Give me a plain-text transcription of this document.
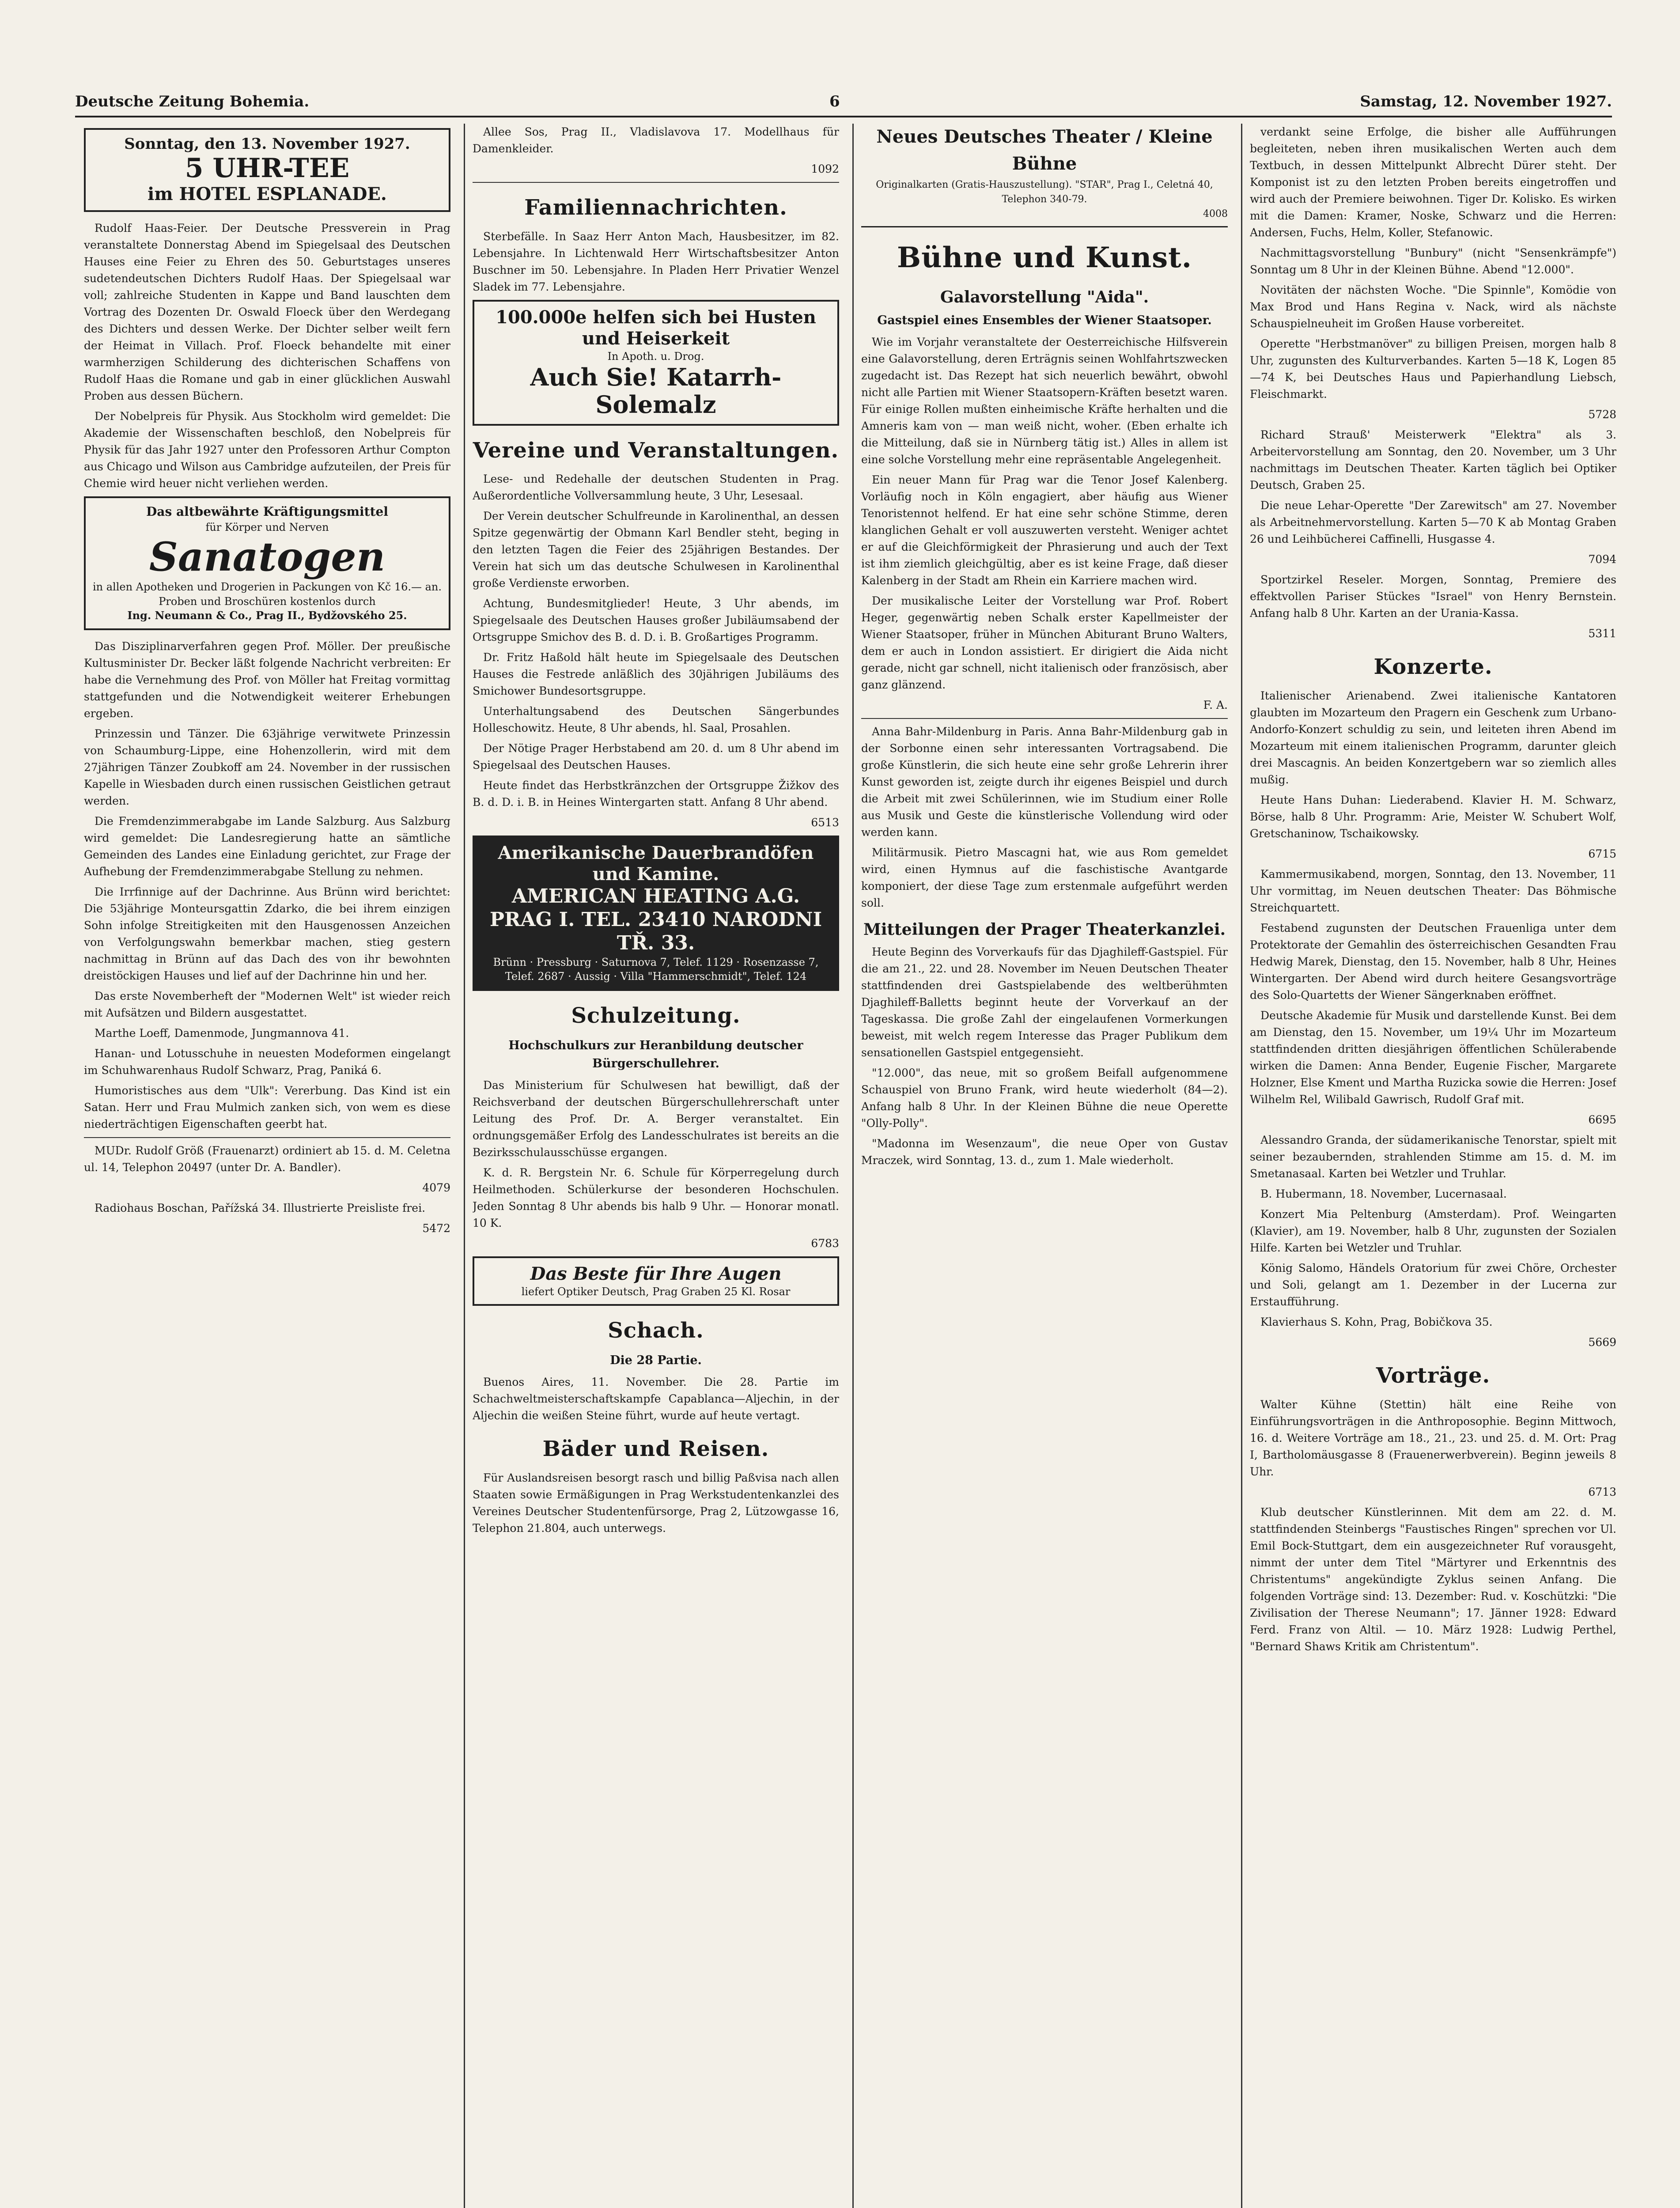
Deutsche Zeitung Bohemia.	6	Samstag, 12. November 1927.
Sonntag, den 13. November 1927.
5 UHR-TEE
im HOTEL ESPLANADE.

Rudolf Haas-Feier. Der Deutsche Pressverein in Prag veranstaltete Donnerstag Abend im Spiegelsaal des Deutschen Hauses eine Feier zu Ehren des 50. Geburtstages unseres sudetendeutschen Dichters Rudolf Haas. Der Spiegelsaal war voll; zahlreiche Studenten in Kappe und Band lauschten dem Vortrag des Dozenten Dr. Oswald Floeck über den Werdegang des Dichters und dessen Werke. Der Dichter selber weilt fern der Heimat in Villach. Prof. Floeck behandelte mit einer warmherzigen Schilderung des dichterischen Schaffens von Rudolf Haas die Romane und gab in einer glücklichen Auswahl Proben aus dessen Büchern.

Der Nobelpreis für Physik. Aus Stockholm wird gemeldet: Die Akademie der Wissenschaften beschloß, den Nobelpreis für Physik für das Jahr 1927 unter den Professoren Arthur Compton aus Chicago und Wilson aus Cambridge aufzuteilen, der Preis für Chemie wird heuer nicht verliehen werden.

Das altbewährte Kräftigungsmittel
für Körper und Nerven
Sanatogen
in allen Apotheken und Drogerien in Packungen von Kč 16.— an. Proben und Broschüren kostenlos durch
Ing. Neumann & Co., Prag II., Bydžovského 25.

Das Disziplinarverfahren gegen Prof. Möller. Der preußische Kultusminister Dr. Becker läßt folgende Nachricht verbreiten: Er habe die Vernehmung des Prof. von Möller hat Freitag vormittag stattgefunden und die Notwendigkeit weiterer Erhebungen ergeben.

Prinzessin und Tänzer. Die 63jährige verwitwete Prinzessin von Schaumburg-Lippe, eine Hohenzollerin, wird mit dem 27jährigen Tänzer Zoubkoff am 24. November in der russischen Kapelle in Wiesbaden durch einen russischen Geistlichen getraut werden.

Die Fremdenzimmerabgabe im Lande Salzburg. Aus Salzburg wird gemeldet: Die Landesregierung hatte an sämtliche Gemeinden des Landes eine Einladung gerichtet, zur Frage der Aufhebung der Fremdenzimmerabgabe Stellung zu nehmen.

Die Irrfinnige auf der Dachrinne. Aus Brünn wird berichtet: Die 53jährige Monteursgattin Zdarko, die bei ihrem einzigen Sohn infolge Streitigkeiten mit den Hausgenossen Anzeichen von Verfolgungswahn bemerkbar machen, stieg gestern nachmittag in Brünn auf das Dach des von ihr bewohnten dreistöckigen Hauses und lief auf der Dachrinne hin und her.

Das erste Novemberheft der "Modernen Welt" ist wieder reich mit Aufsätzen und Bildern ausgestattet.

Marthe Loeff, Damenmode, Jungmannova 41.

Hanan- und Lotusschuhe in neuesten Modeformen eingelangt im Schuhwarenhaus Rudolf Schwarz, Prag, Paniká 6.

Humoristisches aus dem "Ulk": Vererbung. Das Kind ist ein Satan. Herr und Frau Mulmich zanken sich, von wem es diese niederträchtigen Eigenschaften geerbt hat.

MUDr. Rudolf Größ (Frauenarzt) ordiniert ab 15. d. M. Celetna ul. 14, Telephon 20497 (unter Dr. A. Bandler).

4079

Radiohaus Boschan, Pařížská 34. Illustrierte Preisliste frei.

5472

Allee Sos, Prag II., Vladislavova 17. Modellhaus für Damenkleider.

1092

Familiennachrichten.

Sterbefälle. In Saaz Herr Anton Mach, Hausbesitzer, im 82. Lebensjahre. In Lichtenwald Herr Wirtschaftsbesitzer Anton Buschner im 50. Lebensjahre. In Pladen Herr Privatier Wenzel Sladek im 77. Lebensjahre.

100.000e helfen sich bei Husten und Heiserkeit
In Apoth. u. Drog.
Auch Sie! Katarrh-Solemalz
Vereine und Veranstaltungen.

Lese- und Redehalle der deutschen Studenten in Prag. Außerordentliche Vollversammlung heute, 3 Uhr, Lesesaal.

Der Verein deutscher Schulfreunde in Karolinenthal, an dessen Spitze gegenwärtig der Obmann Karl Bendler steht, beging in den letzten Tagen die Feier des 25jährigen Bestandes. Der Verein hat sich um das deutsche Schulwesen in Karolinenthal große Verdienste erworben.

Achtung, Bundesmitglieder! Heute, 3 Uhr abends, im Spiegelsaale des Deutschen Hauses großer Jubiläumsabend der Ortsgruppe Smichov des B. d. D. i. B. Großartiges Programm.

Dr. Fritz Haßold hält heute im Spiegelsaale des Deutschen Hauses die Festrede anläßlich des 30jährigen Jubiläums des Smichower Bundesortsgruppe.

Unterhaltungsabend des Deutschen Sängerbundes Holleschowitz. Heute, 8 Uhr abends, hl. Saal, Prosahlen.

Der Nötige Prager Herbstabend am 20. d. um 8 Uhr abend im Spiegelsaal des Deutschen Hauses.

Heute findet das Herbstkränzchen der Ortsgruppe Žižkov des B. d. D. i. B. in Heines Wintergarten statt. Anfang 8 Uhr abend.

6513

Amerikanische Dauerbrandöfen und Kamine.
AMERICAN HEATING A.G. PRAG I. TEL. 23410 NARODNI TŘ. 33.
Brünn · Pressburg · Saturnova 7, Telef. 1129 · Rosenzasse 7, Telef. 2687 · Aussig · Villa "Hammerschmidt", Telef. 124
Schulzeitung.
Hochschulkurs zur Heranbildung deutscher Bürgerschullehrer.

Das Ministerium für Schulwesen hat bewilligt, daß der Reichsverband der deutschen Bürgerschullehrerschaft unter Leitung des Prof. Dr. A. Berger veranstaltet. Ein ordnungsgemäßer Erfolg des Landesschulrates ist bereits an die Bezirksschulausschüsse ergangen.

K. d. R. Bergstein Nr. 6. Schule für Körperregelung durch Heilmethoden. Schülerkurse der besonderen Hochschulen. Jeden Sonntag 8 Uhr abends bis halb 9 Uhr. — Honorar monatl. 10 K.

6783

Das Beste für Ihre Augen
liefert Optiker Deutsch, Prag Graben 25 Kl. Rosar
Schach.
Die 28 Partie.

Buenos Aires, 11. November. Die 28. Partie im Schachweltmeisterschaftskampfe Capablanca—Aljechin, in der Aljechin die weißen Steine führt, wurde auf heute vertagt.

Bäder und Reisen.

Für Auslandsreisen besorgt rasch und billig Paßvisa nach allen Staaten sowie Ermäßigungen in Prag Werkstudentenkanzlei des Vereines Deutscher Studentenfürsorge, Prag 2, Lützowgasse 16, Telephon 21.804, auch unterwegs.

Neues Deutsches Theater / Kleine Bühne
Originalkarten (Gratis-Hauszustellung). "STAR", Prag I., Celetná 40, Telephon 340-79.
4008
Bühne und Kunst.
Galavorstellung "Aida".
Gastspiel eines Ensembles der Wiener Staatsoper.

Wie im Vorjahr veranstaltete der Oesterreichische Hilfsverein eine Galavorstellung, deren Erträgnis seinen Wohlfahrtszwecken zugedacht ist. Das Rezept hat sich neuerlich bewährt, obwohl nicht alle Partien mit Wiener Staatsopern-Kräften besetzt waren. Für einige Rollen mußten einheimische Kräfte herhalten und die Amneris kam von — man weiß nicht, woher. (Eben erhalte ich die Mitteilung, daß sie in Nürnberg tätig ist.) Alles in allem ist eine solche Vorstellung mehr eine repräsentable Angelegenheit.

Ein neuer Mann für Prag war die Tenor Josef Kalenberg. Vorläufig noch in Köln engagiert, aber häufig aus Wiener Tenoristennot helfend. Er hat eine sehr schöne Stimme, deren klanglichen Gehalt er voll auszuwerten versteht. Weniger achtet er auf die Gleichförmigkeit der Phrasierung und auch der Text ist ihm ziemlich gleichgültig, aber es ist keine Frage, daß dieser Kalenberg in der Stadt am Rhein ein Karriere machen wird.

Der musikalische Leiter der Vorstellung war Prof. Robert Heger, gegenwärtig neben Schalk erster Kapellmeister der Wiener Staatsoper, früher in München Abiturant Bruno Walters, dem er auch in London assistiert. Er dirigiert die Aida nicht gerade, nicht gar schnell, nicht italienisch oder französisch, aber ganz glänzend.

F. A.

Anna Bahr-Mildenburg in Paris. Anna Bahr-Mildenburg gab in der Sorbonne einen sehr interessanten Vortragsabend. Die große Künstlerin, die sich heute eine sehr große Lehrerin ihrer Kunst geworden ist, zeigte durch ihr eigenes Beispiel und durch die Arbeit mit zwei Schülerinnen, wie im Studium einer Rolle aus Musik und Geste die künstlerische Vollendung wird oder werden kann.

Militärmusik. Pietro Mascagni hat, wie aus Rom gemeldet wird, einen Hymnus auf die faschistische Avantgarde komponiert, der diese Tage zum erstenmale aufgeführt werden soll.

Mitteilungen der Prager Theaterkanzlei.

Heute Beginn des Vorverkaufs für das Djaghileff-Gastspiel. Für die am 21., 22. und 28. November im Neuen Deutschen Theater stattfindenden drei Gastspielabende des weltberühmten Djaghileff-Balletts beginnt heute der Vorverkauf an der Tageskassa. Die große Zahl der eingelaufenen Vormerkungen beweist, mit welch regem Interesse das Prager Publikum dem sensationellen Gastspiel entgegensieht.

"12.000", das neue, mit so großem Beifall aufgenommene Schauspiel von Bruno Frank, wird heute wiederholt (84—2). Anfang halb 8 Uhr. In der Kleinen Bühne die neue Operette "Olly-Polly".

"Madonna im Wesenzaum", die neue Oper von Gustav Mraczek, wird Sonntag, 13. d., zum 1. Male wiederholt.

verdankt seine Erfolge, die bisher alle Aufführungen begleiteten, neben ihren musikalischen Werten auch dem Textbuch, in dessen Mittelpunkt Albrecht Dürer steht. Der Komponist ist zu den letzten Proben bereits eingetroffen und wird auch der Premiere beiwohnen. Tiger Dr. Kolisko. Es wirken mit die Damen: Kramer, Noske, Schwarz und die Herren: Andersen, Fuchs, Helm, Koller, Stefanowic.

Nachmittagsvorstellung "Bunbury" (nicht "Sensenkrämpfe") Sonntag um 8 Uhr in der Kleinen Bühne. Abend "12.000".

Novitäten der nächsten Woche. "Die Spinnle", Komödie von Max Brod und Hans Regina v. Nack, wird als nächste Schauspielneuheit im Großen Hause vorbereitet.

Operette "Herbstmanöver" zu billigen Preisen, morgen halb 8 Uhr, zugunsten des Kulturverbandes. Karten 5—18 K, Logen 85—74 K, bei Deutsches Haus und Papierhandlung Liebsch, Fleischmarkt.

5728

Richard Strauß' Meisterwerk "Elektra" als 3. Arbeitervorstellung am Sonntag, den 20. November, um 3 Uhr nachmittags im Deutschen Theater. Karten täglich bei Optiker Deutsch, Graben 25.

Die neue Lehar-Operette "Der Zarewitsch" am 27. November als Arbeitnehmervorstellung. Karten 5—70 K ab Montag Graben 26 und Leihbücherei Caffinelli, Husgasse 4.

7094

Sportzirkel Reseler. Morgen, Sonntag, Premiere des effektvollen Pariser Stückes "Israel" von Henry Bernstein. Anfang halb 8 Uhr. Karten an der Urania-Kassa.

5311

Konzerte.

Italienischer Arienabend. Zwei italienische Kantatoren glaubten im Mozarteum den Pragern ein Geschenk zum Urbano-Andorfo-Konzert schuldig zu sein, und leiteten ihren Abend im Mozarteum mit einem italienischen Programm, darunter gleich drei Mascagnis. An beiden Konzertgebern war so ziemlich alles mußig.

Heute Hans Duhan: Liederabend. Klavier H. M. Schwarz, Börse, halb 8 Uhr. Programm: Arie, Meister W. Schubert Wolf, Gretschaninow, Tschaikowsky.

6715

Kammermusikabend, morgen, Sonntag, den 13. November, 11 Uhr vormittag, im Neuen deutschen Theater: Das Böhmische Streichquartett.

Festabend zugunsten der Deutschen Frauenliga unter dem Protektorate der Gemahlin des österreichischen Gesandten Frau Hedwig Marek, Dienstag, den 15. November, halb 8 Uhr, Heines Wintergarten. Der Abend wird durch heitere Gesangsvorträge des Solo-Quartetts der Wiener Sängerknaben eröffnet.

Deutsche Akademie für Musik und darstellende Kunst. Bei dem am Dienstag, den 15. November, um 19¼ Uhr im Mozarteum stattfindenden dritten diesjährigen öffentlichen Schülerabende wirken die Damen: Anna Bender, Eugenie Fischer, Margarete Holzner, Else Kment und Martha Ruzicka sowie die Herren: Josef Wilhelm Rel, Wilibald Gawrisch, Rudolf Graf mit.

6695

Alessandro Granda, der südamerikanische Tenorstar, spielt mit seiner bezaubernden, strahlenden Stimme am 15. d. M. im Smetanasaal. Karten bei Wetzler und Truhlar.

B. Hubermann, 18. November, Lucernasaal.

Konzert Mia Peltenburg (Amsterdam). Prof. Weingarten (Klavier), am 19. November, halb 8 Uhr, zugunsten der Sozialen Hilfe. Karten bei Wetzler und Truhlar.

König Salomo, Händels Oratorium für zwei Chöre, Orchester und Soli, gelangt am 1. Dezember in der Lucerna zur Erstaufführung.

Klavierhaus S. Kohn, Prag, Bobičkova 35.

5669

Vorträge.

Walter Kühne (Stettin) hält eine Reihe von Einführungsvorträgen in die Anthroposophie. Beginn Mittwoch, 16. d. Weitere Vorträge am 18., 21., 23. und 25. d. M. Ort: Prag I, Bartholomäusgasse 8 (Frauenerwerbverein). Beginn jeweils 8 Uhr.

6713

Klub deutscher Künstlerinnen. Mit dem am 22. d. M. stattfindenden Steinbergs "Faustisches Ringen" sprechen vor Ul. Emil Bock-Stuttgart, dem ein ausgezeichneter Ruf vorausgeht, nimmt der unter dem Titel "Märtyrer und Erkenntnis des Christentums" angekündigte Zyklus seinen Anfang. Die folgenden Vorträge sind: 13. Dezember: Rud. v. Koschützki: "Die Zivilisation der Therese Neumann"; 17. Jänner 1928: Edward Ferd. Franz von Altil. — 10. März 1928: Ludwig Perthel, "Bernard Shaws Kritik am Christentum".
